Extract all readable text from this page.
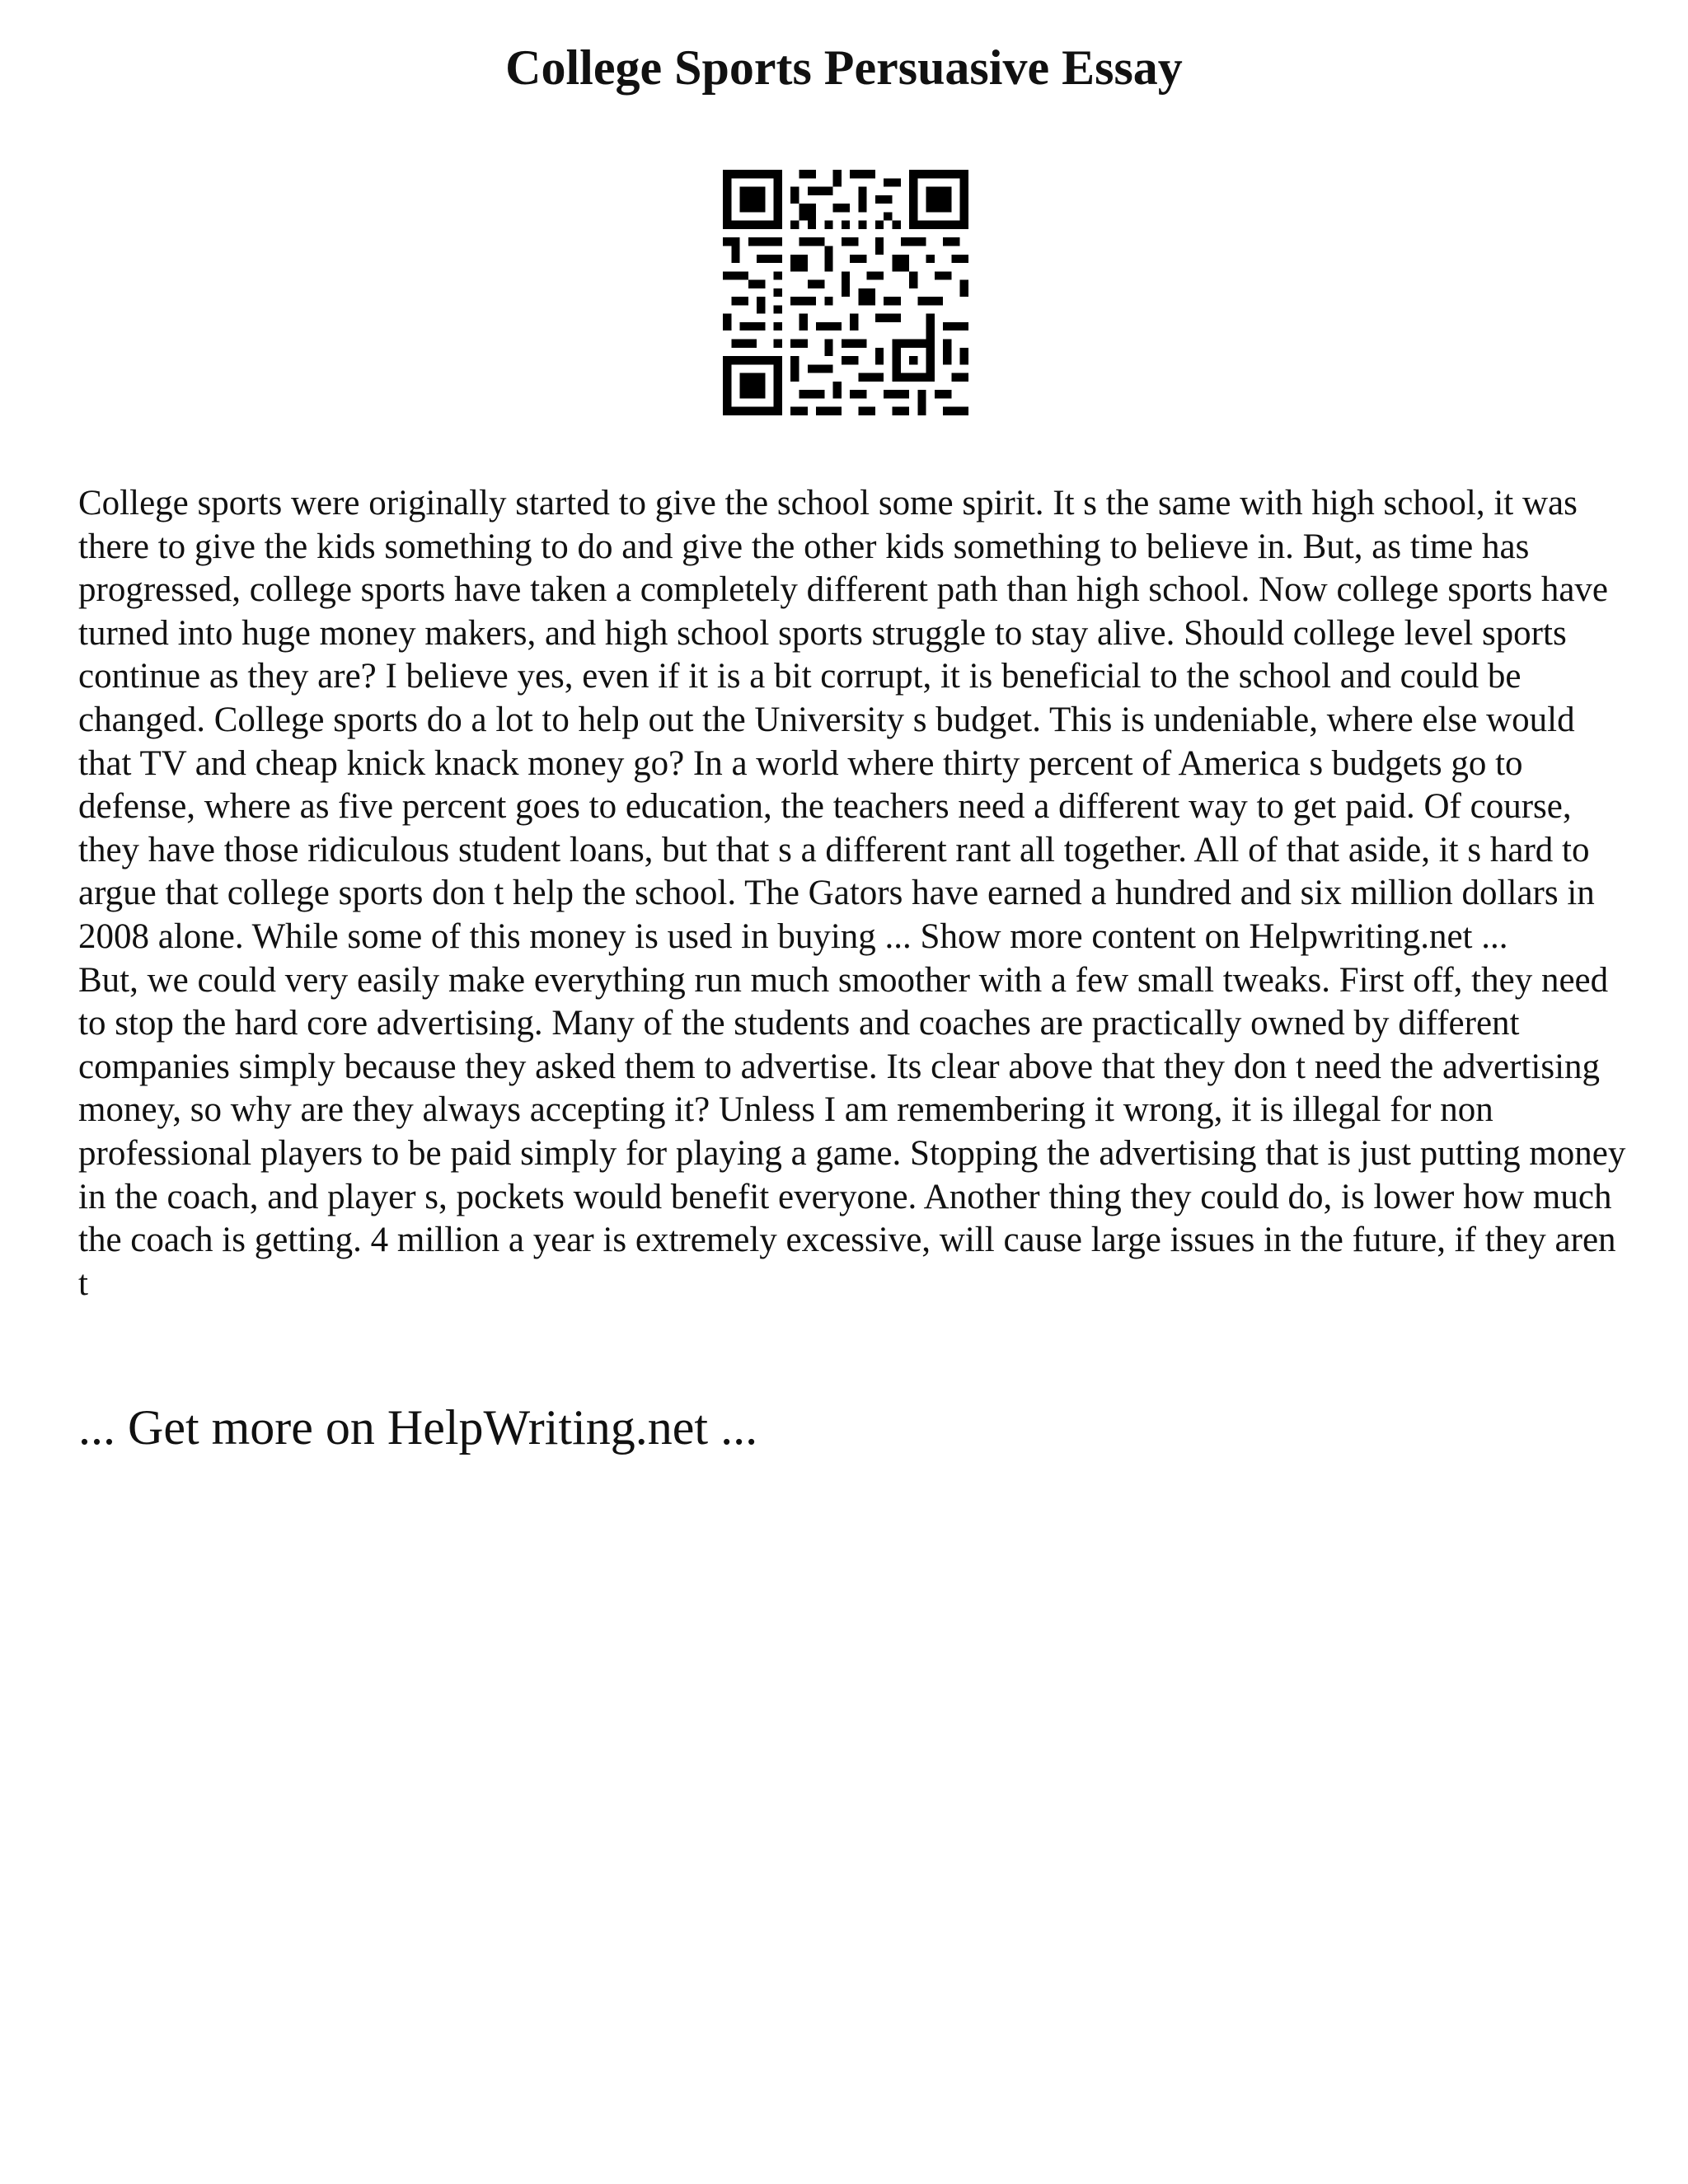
College Sports Persuasive Essay

College sports were originally started to give the school some spirit. It s the same with high school, it was there to give the kids something to do and give the other kids something to believe in. But, as time has progressed, college sports have taken a completely different path than high school. Now college sports have turned into huge money makers, and high school sports struggle to stay alive. Should college level sports continue as they are? I believe yes, even if it is a bit corrupt, it is beneficial to the school and could be changed. College sports do a lot to help out the University s budget. This is undeniable, where else would that TV and cheap knick knack money go? In a world where thirty percent of America s budgets go to defense, where as five percent goes to education, the teachers need a different way to get paid. Of course, they have those ridiculous student loans, but that s a different rant all together. All of that aside, it s hard to argue that college sports don t help the school. The Gators have earned a hundred and six million dollars in 2008 alone. While some of this money is used in buying ... Show more content on Helpwriting.net ...

But, we could very easily make everything run much smoother with a few small tweaks. First off, they need to stop the hard core advertising. Many of the students and coaches are practically owned by different companies simply because they asked them to advertise. Its clear above that they don t need the advertising money, so why are they always accepting it? Unless I am remembering it wrong, it is illegal for non professional players to be paid simply for playing a game. Stopping the advertising that is just putting money in the coach, and player s, pockets would benefit everyone. Another thing they could do, is lower how much the coach is getting. 4 million a year is extremely excessive, will cause large issues in the future, if they aren t

... Get more on HelpWriting.net ...
